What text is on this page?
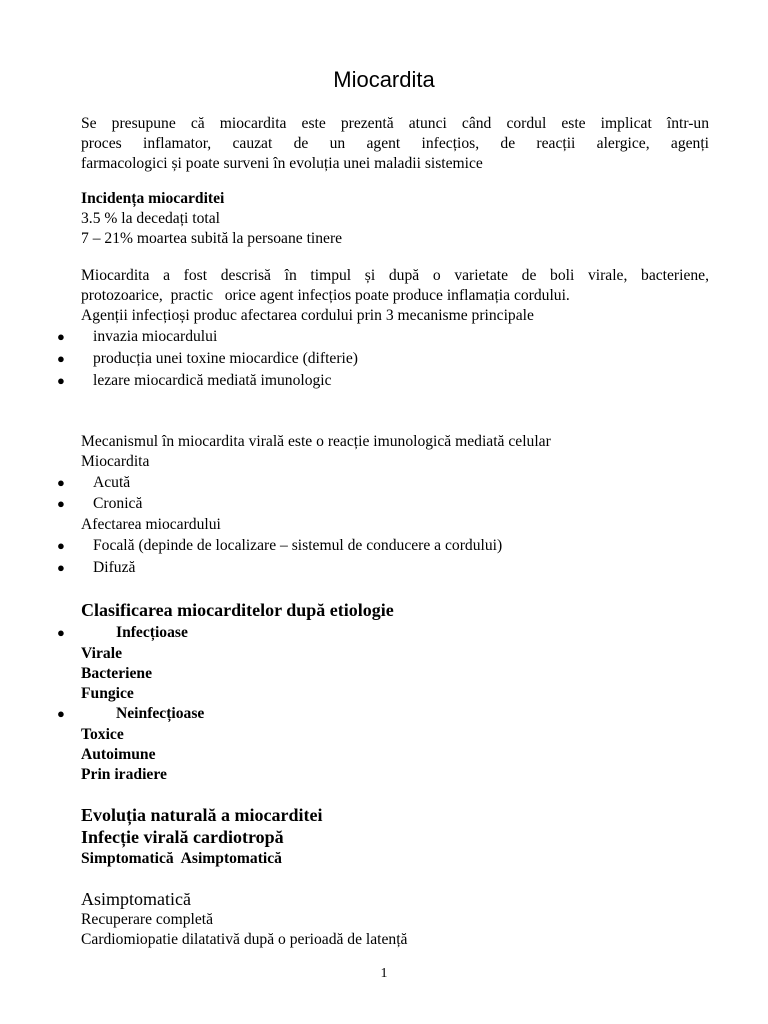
Miocardita
Se presupune că miocardita este prezentă atunci când cordul este implicat într-un
proces inflamator, cauzat de un agent infecțios, de reacții alergice, agenți
farmacologici și poate surveni în evoluția unei maladii sistemice
Incidența miocarditei
3.5 % la decedați total
7 – 21% moartea subită la persoane tinere
Miocardita a fost descrisă în timpul și după o varietate de boli virale, bacteriene,
protozoarice,  practic   orice agent infecțios poate produce inflamația cordului.
Agenții infecțioși produc afectarea cordului prin 3 mecanisme principale
● invazia miocardului
● producția unei toxine miocardice (difterie)
● lezare miocardică mediată imunologic
Mecanismul în miocardita virală este o reacție imunologică mediată celular
Miocardita
● Acută
● Cronică
Afectarea miocardului
● Focală (depinde de localizare – sistemul de conducere a cordului)
● Difuză
Clasificarea miocarditelor după etiologie
●	Infecțioase
Virale
Bacteriene
Fungice
●	Neinfecțioase
Toxice
Autoimune
Prin iradiere
Evoluția naturală a miocarditei
Infecție virală cardiotropă
Simptomatică  Asimptomatică
Asimptomatică
Recuperare completă
Cardiomiopatie dilatativă după o perioadă de latență
1
